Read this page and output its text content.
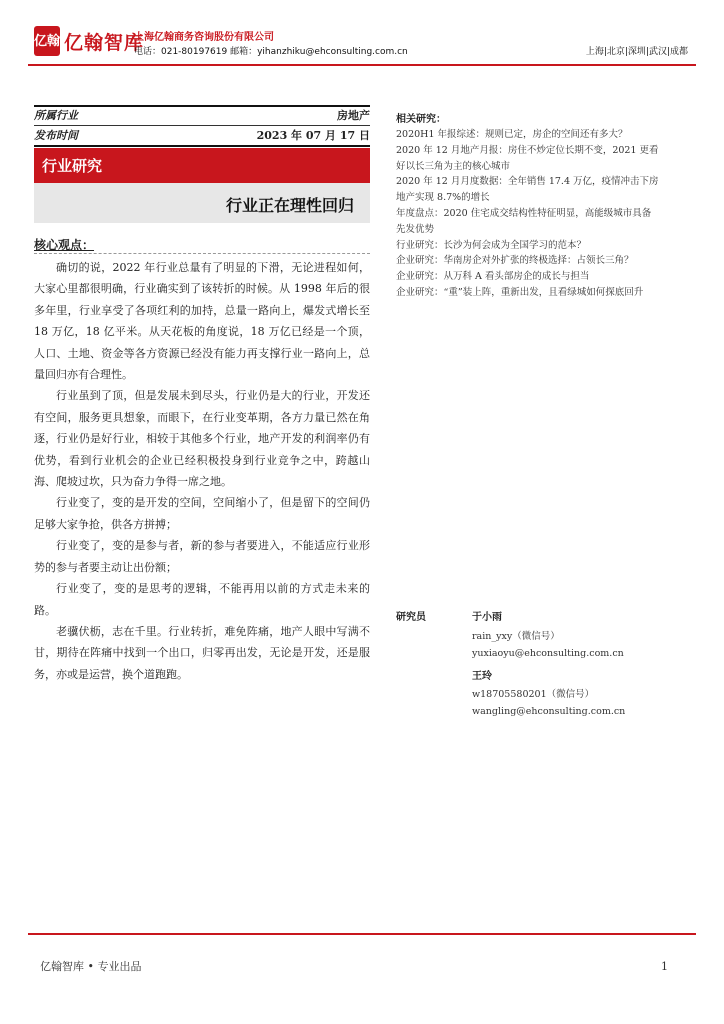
亿翰 亿翰智库
上海亿翰商务咨询股份有限公司
电话：021-80197619 邮箱：yihanzhiku@ehconsulting.com.cn	上海|北京|深圳|武汉|成都
所属行业	房地产
发布时间	2023 年 07 月 17 日
行业研究
行业正在理性回归
核心观点：

确切的说，2022 年行业总量有了明显的下滑，无论进程如何，大家心里都很明确，行业确实到了该转折的时候。从 1998 年后的很多年里，行业享受了各项红利的加持，总量一路向上，爆发式增长至 18 万亿，18 亿平米。从天花板的角度说，18 万亿已经是一个顶，人口、土地、资金等各方资源已经没有能力再支撑行业一路向上，总量回归亦有合理性。

行业虽到了顶，但是发展未到尽头，行业仍是大的行业，开发还有空间，服务更具想象，而眼下，在行业变革期，各方力量已然在角逐，行业仍是好行业，相较于其他多个行业，地产开发的利润率仍有优势，看到行业机会的企业已经积极投身到行业竞争之中，跨越山海、爬坡过坎，只为奋力争得一席之地。

行业变了，变的是开发的空间，空间缩小了，但是留下的空间仍足够大家争抢，供各方拼搏；

行业变了，变的是参与者，新的参与者要进入，不能适应行业形势的参与者要主动让出份额；

行业变了，变的是思考的逻辑，不能再用以前的方式走未来的路。

老骥伏枥，志在千里。行业转折，难免阵痛，地产人眼中写满不甘，期待在阵痛中找到一个出口，归零再出发，无论是开发，还是服务，亦或是运营，换个道跑跑。

相关研究：
2020H1 年报综述：规则已定，房企的空间还有多大？
2020 年 12 月地产月报：房住不炒定位长期不变，2021 更看好以长三角为主的核心城市
2020 年 12 月月度数据：全年销售 17.4 万亿，疫情冲击下房地产实现 8.7%的增长
年度盘点：2020 住宅成交结构性特征明显，高能级城市具备先发优势
行业研究：长沙为何会成为全国学习的范本？
企业研究：华南房企对外扩张的终极选择：占领长三角？
企业研究：从万科 A 看头部房企的成长与担当
企业研究：“重”装上阵，重新出发，且看绿城如何探底回升
研究员	于小雨
rain_yxy（微信号）
yuxiaoyu@ehconsulting.com.cn
王玲
w18705580201（微信号）
wangling@ehconsulting.com.cn
亿翰智库 • 专业出品	1
